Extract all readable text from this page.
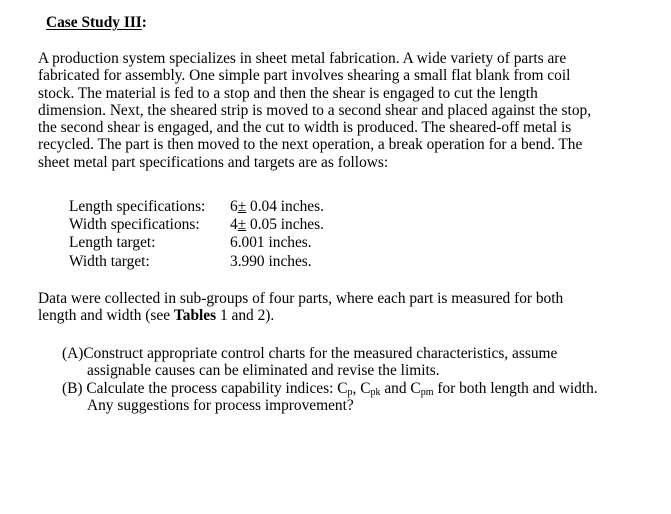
Case Study III:
A production system specializes in sheet metal fabrication. A wide variety of parts are
fabricated for assembly. One simple part involves shearing a small flat blank from coil
stock. The material is fed to a stop and then the shear is engaged to cut the length
dimension. Next, the sheared strip is moved to a second shear and placed against the stop,
the second shear is engaged, and the cut to width is produced. The sheared-off metal is
recycled. The part is then moved to the next operation, a break operation for a bend. The
sheet metal part specifications and targets are as follows:
Length specifications: 6± 0.04 inches.
Width specifications: 4± 0.05 inches.
Length target:	6.001 inches.
Width target:	3.990 inches.
Data were collected in sub-groups of four parts, where each part is measured for both
length and width (see Tables 1 and 2).
(A)Construct appropriate control charts for the measured characteristics, assume
assignable causes can be eliminated and revise the limits.
(B) Calculate the process capability indices: $C_p$, $C_{pk}$ and $C_{pm}$ for both length and width.
Any suggestions for process improvement?
